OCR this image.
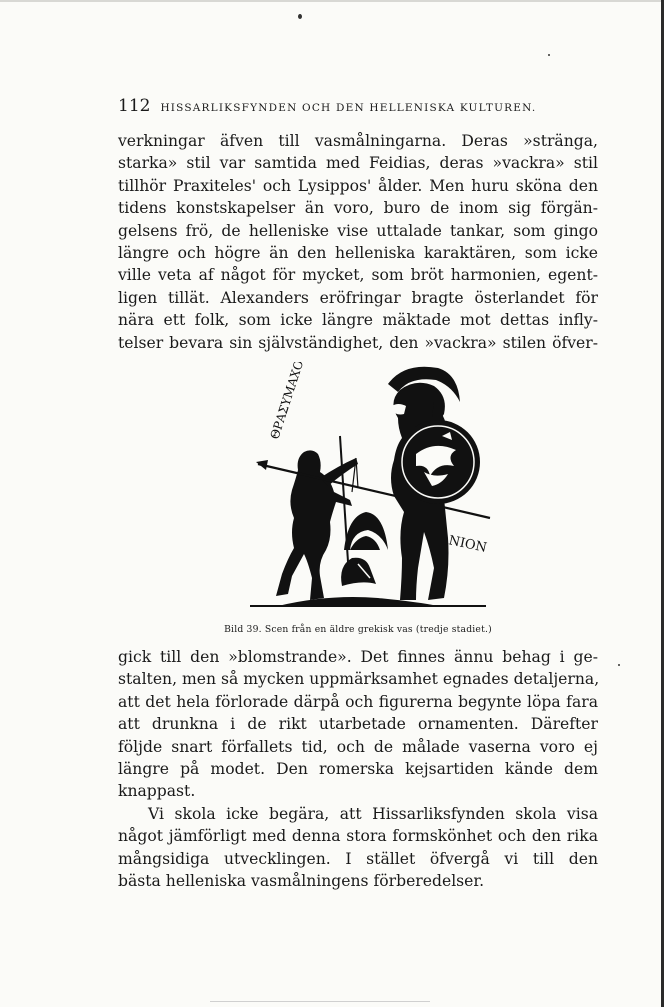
112 HISSARLIKSFYNDEN OCH DEN HELLENISKA KULTUREN.
verkningar äfven till vasmålningarna. Deras »stränga,
starka» stil var samtida med Feidias, deras »vackra» stil
tillhör Praxiteles' och Lysippos' ålder. Men huru sköna den
tidens konstskapelser än voro, buro de inom sig förgän-
gelsens frö, de helleniske vise uttalade tankar, som gingo
längre och högre än den helleniska karaktären, som icke
ville veta af något för mycket, som bröt harmonien, egent-
ligen tillät. Alexanders eröfringar bragte österlandet för
nära ett folk, som icke längre mäktade mot dettas infly-
telser bevara sin självständighet, den »vackra» stilen öfver-
ΘΡΑΣΥΜΑΧΟΣ
ΝΙΟΝ
Bild 39. Scen från en äldre grekisk vas (tredje stadiet.)
gick till den »blomstrande». Det finnes ännu behag i ge-
stalten, men så mycken uppmärksamhet egnades detaljerna,
att det hela förlorade därpå och figurerna begynte löpa fara
att drunkna i de rikt utarbetade ornamenten. Därefter
följde snart förfallets tid, och de målade vaserna voro ej
längre på modet. Den romerska kejsartiden kände dem
knappast.
Vi skola icke begära, att Hissarliksfynden skola visa
något jämförligt med denna stora formskönhet och den rika
mångsidiga utvecklingen. I stället öfvergå vi till den
bästa helleniska vasmålningens förberedelser.
